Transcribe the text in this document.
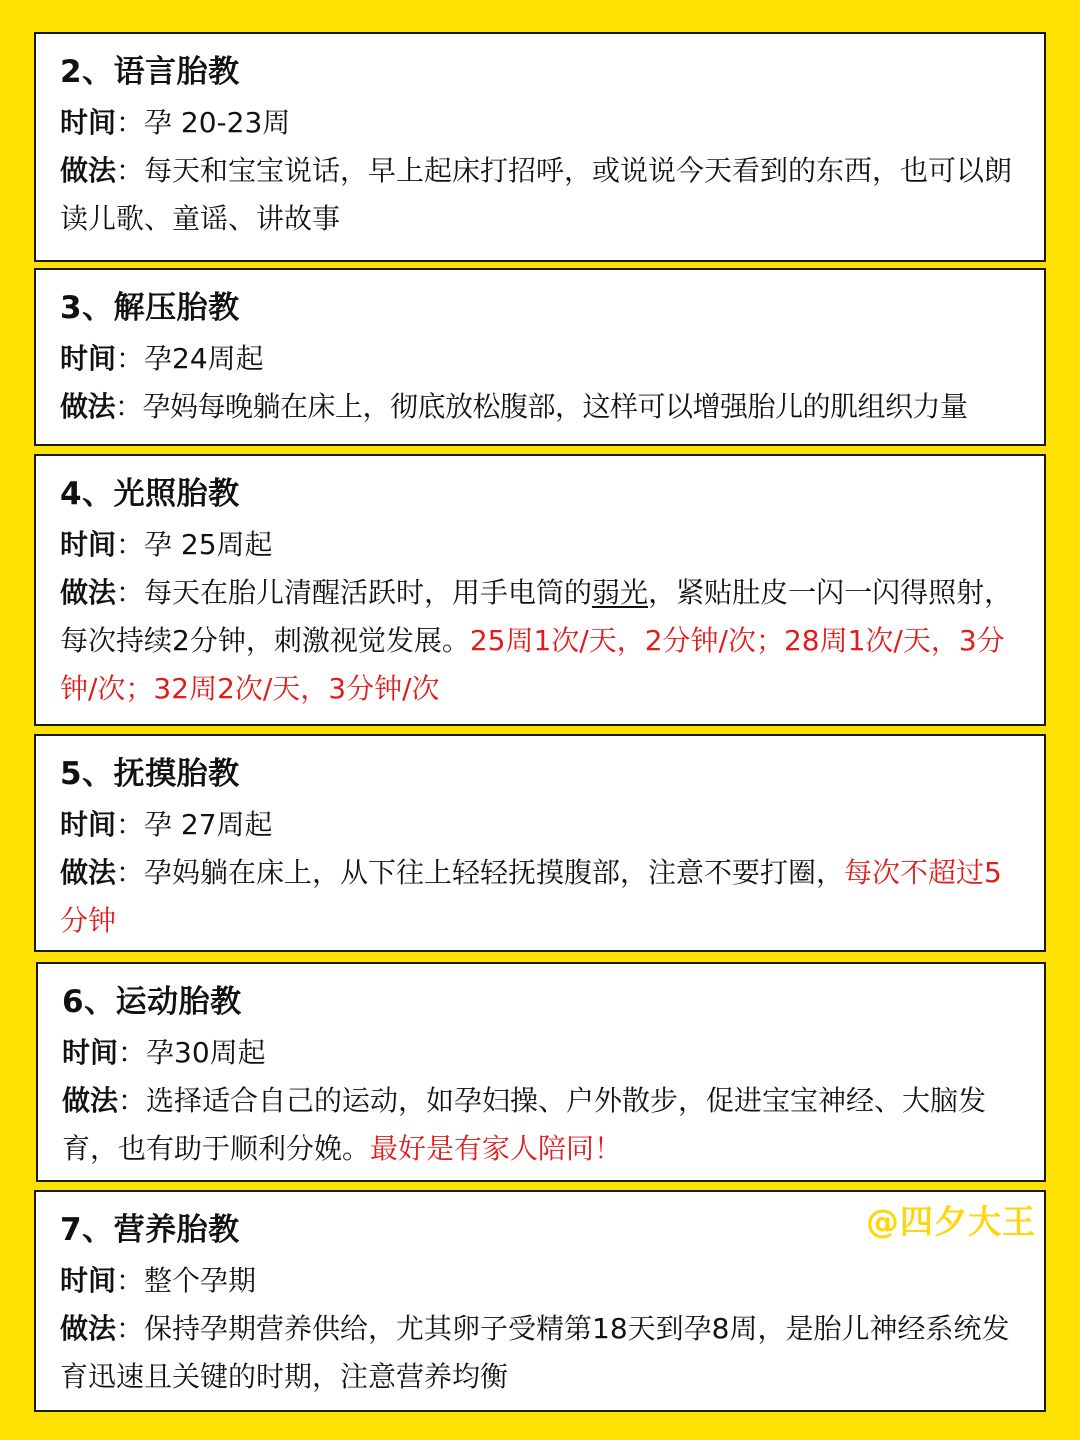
2、语言胎教
时间：孕 20-23周
做法：每天和宝宝说话，早上起床打招呼，或说说今天看到的东西，也可以朗读儿歌、童谣、讲故事
3、解压胎教
时间：孕24周起
做法：孕妈每晚躺在床上，彻底放松腹部，这样可以增强胎儿的肌组织力量
4、光照胎教
时间：孕 25周起
做法：每天在胎儿清醒活跃时，用手电筒的弱光，紧贴肚皮一闪一闪得照射，每次持续2分钟，刺激视觉发展。25周1次/天，2分钟/次；28周1次/天，3分钟/次；32周2次/天，3分钟/次
5、抚摸胎教
时间：孕 27周起
做法：孕妈躺在床上，从下往上轻轻抚摸腹部，注意不要打圈，每次不超过5分钟
6、运动胎教
时间：孕30周起
做法：选择适合自己的运动，如孕妇操、户外散步，促进宝宝神经、大脑发育，也有助于顺利分娩。最好是有家人陪同！
7、营养胎教
时间：整个孕期
做法：保持孕期营养供给，尤其卵子受精第18天到孕8周，是胎儿神经系统发育迅速且关键的时期，注意营养均衡
@四夕大王
